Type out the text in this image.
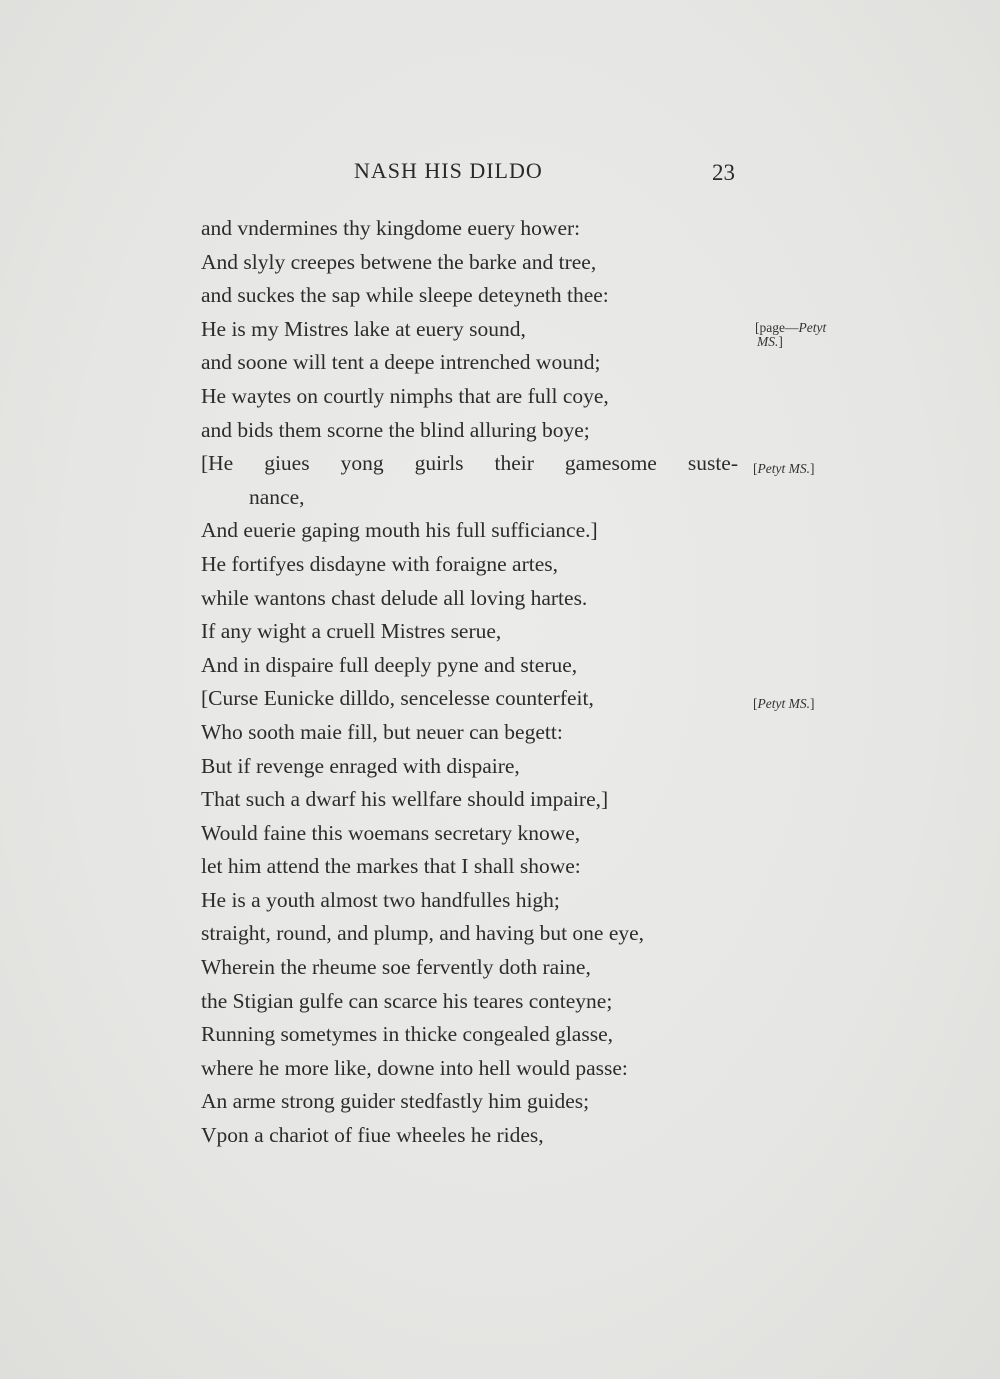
NASH HIS DILDO	23
and vndermines thy kingdome euery hower:
And slyly creepes betwene the barke and tree,
and suckes the sap while sleepe deteyneth thee:
He is my Mistres lake at euery sound,
and soone will tent a deepe intrenched wound;
He waytes on courtly nimphs that are full coye,
and bids them scorne the blind alluring boye;
[He giues yong guirls their gamesome suste-
nance,
And euerie gaping mouth his full sufficiance.]
He fortifyes disdayne with foraigne artes,
while wantons chast delude all loving hartes.
If any wight a cruell Mistres serue,
And in dispaire full deeply pyne and sterue,
[Curse Eunicke dilldo, sencelesse counterfeit,
Who sooth maie fill, but neuer can begett:
But if revenge enraged with dispaire,
That such a dwarf his wellfare should impaire,]
Would faine this woemans secretary knowe,
let him attend the markes that I shall showe:
He is a youth almost two handfulles high;
straight, round, and plump, and having but one eye,
Wherein the rheume soe fervently doth raine,
the Stigian gulfe can scarce his teares conteyne;
Running sometymes in thicke congealed glasse,
where he more like, downe into hell would passe:
An arme strong guider stedfastly him guides;
Vpon a chariot of fiue wheeles he rides,
[page—Petyt
MS.]
[Petyt MS.]
[Petyt MS.]
